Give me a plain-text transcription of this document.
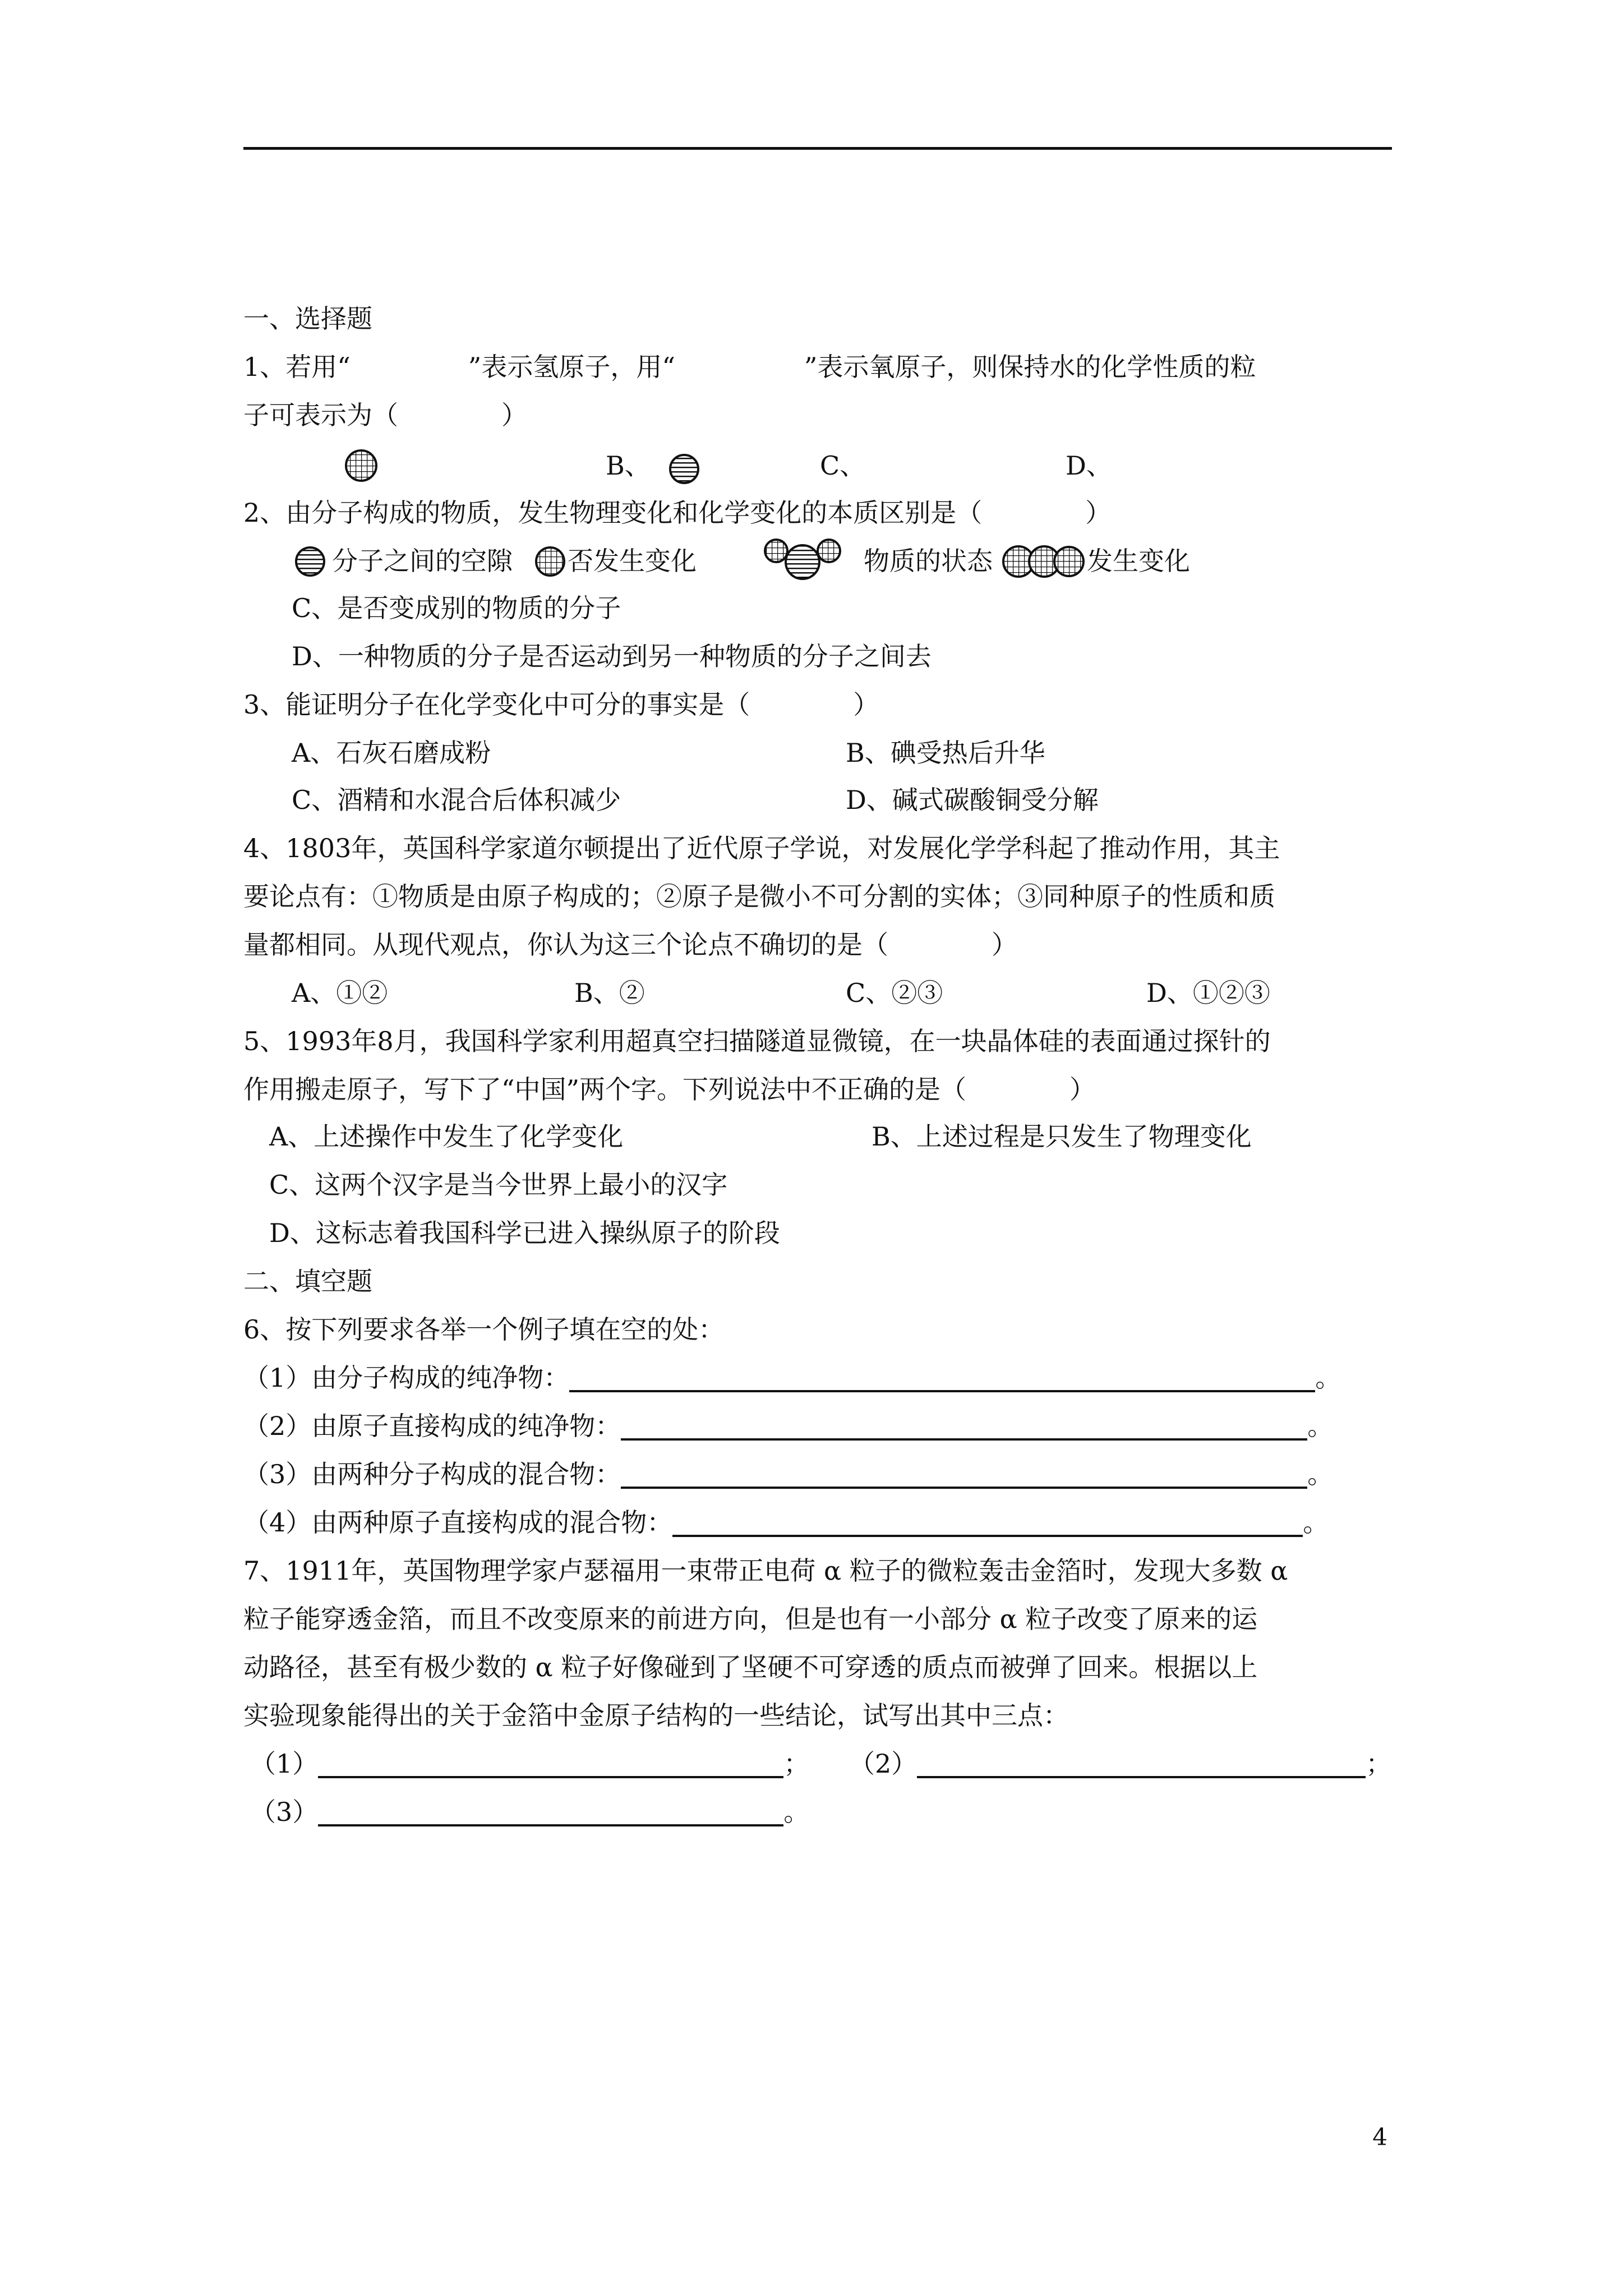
一、选择题
1、若用“	”表示氢原子，用“	”表示氧原子，则保持水的化学性质的粒
子可表示为（　　　　）
B、	C、	D、
2、由分子构成的物质，发生物理变化和化学变化的本质区别是（　　　　）
分子之间的空隙 否发生变化	物质的状态	发生变化
C、是否变成别的物质的分子
D、一种物质的分子是否运动到另一种物质的分子之间去
3、能证明分子在化学变化中可分的事实是（　　　　）
A、石灰石磨成粉	B、碘受热后升华
C、酒精和水混合后体积减少	D、碱式碳酸铜受分解
4、1803年，英国科学家道尔顿提出了近代原子学说，对发展化学学科起了推动作用，其主
要论点有：①物质是由原子构成的；②原子是微小不可分割的实体；③同种原子的性质和质
量都相同。从现代观点，你认为这三个论点不确切的是（　　　　）
A、①②	B、②	C、②③	D、①②③
5、1993年8月，我国科学家利用超真空扫描隧道显微镜，在一块晶体硅的表面通过探针的
作用搬走原子，写下了“中国”两个字。下列说法中不正确的是（　　　　）
A、上述操作中发生了化学变化	B、上述过程是只发生了物理变化
C、这两个汉字是当今世界上最小的汉字
D、这标志着我国科学已进入操纵原子的阶段
二、填空题
6、按下列要求各举一个例子填在空的处：
（1）由分子构成的纯净物：	。
（2）由原子直接构成的纯净物：	。
（3）由两种分子构成的混合物：	。
（4）由两种原子直接构成的混合物：	。
7、1911年，英国物理学家卢瑟福用一束带正电荷 α 粒子的微粒轰击金箔时，发现大多数 α
粒子能穿透金箔，而且不改变原来的前进方向，但是也有一小部分 α 粒子改变了原来的运
动路径，甚至有极少数的 α 粒子好像碰到了坚硬不可穿透的质点而被弹了回来。根据以上
实验现象能得出的关于金箔中金原子结构的一些结论，试写出其中三点：
（1）	； （2）	；
（3）	。
4
